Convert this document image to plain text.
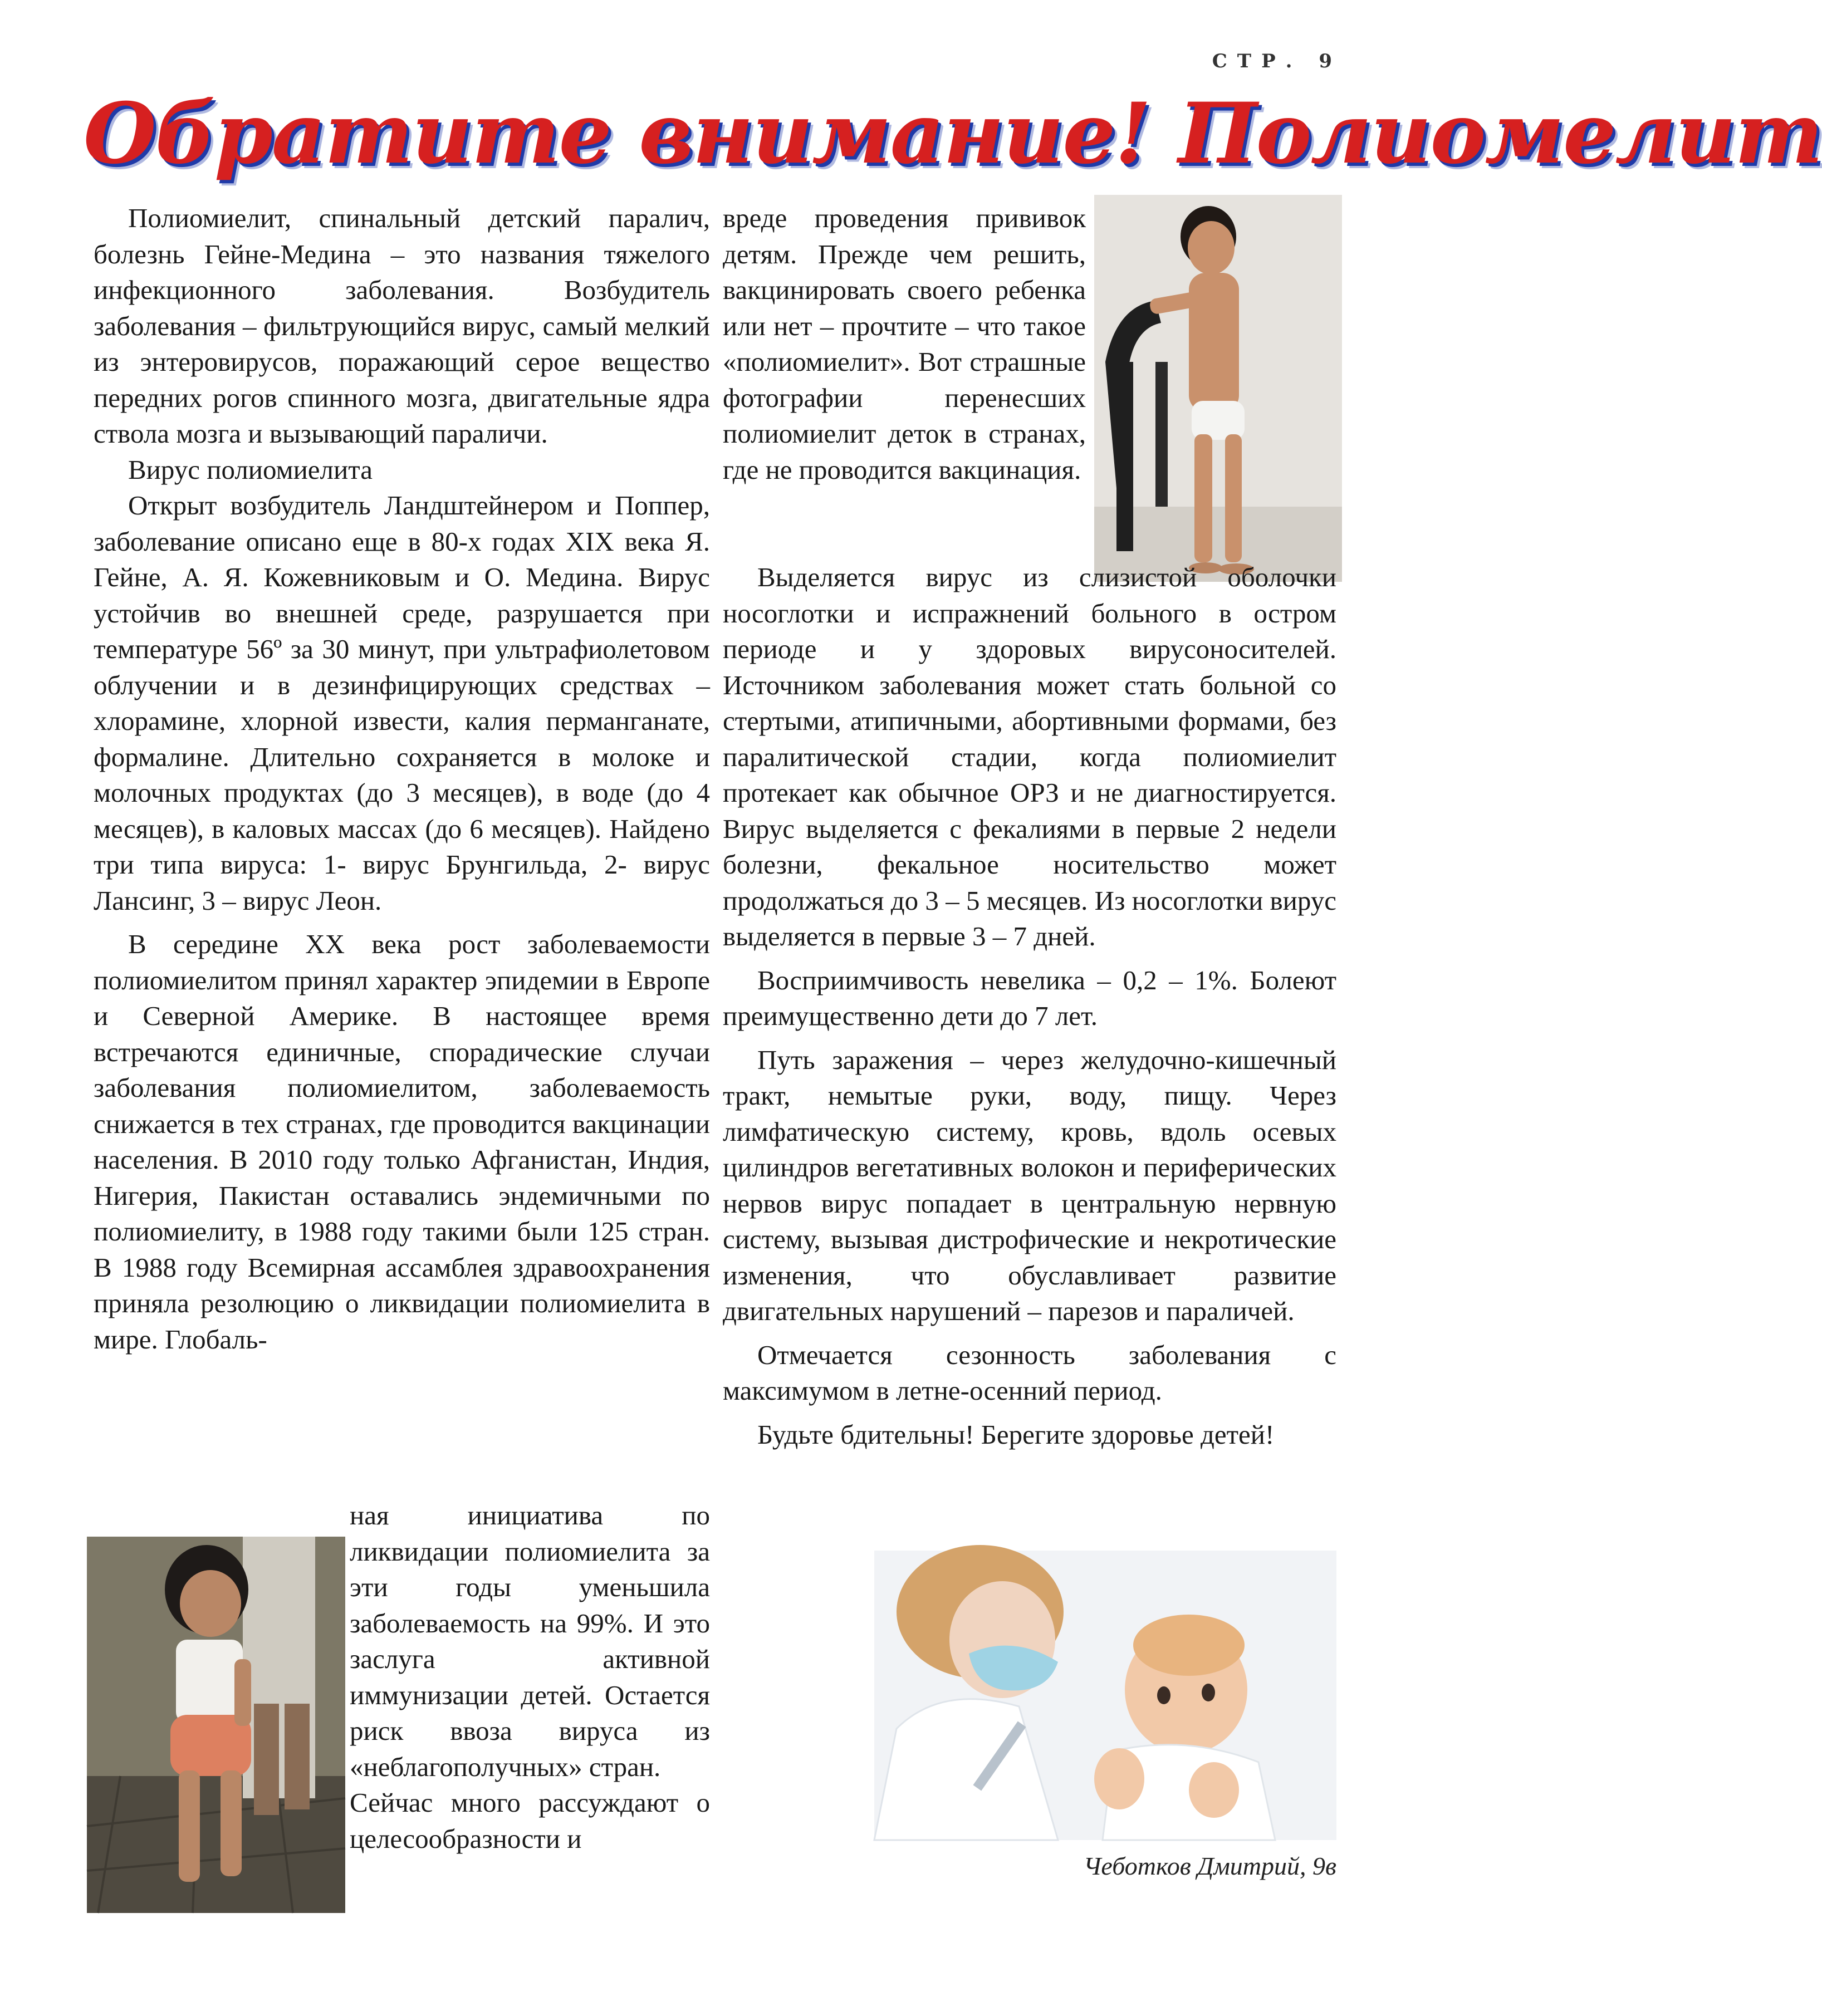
СТР. 9
Обратите внимание! Полиомелит

Полиомиелит, спинальный детский паралич, болезнь Гейне-Медина – это названия тяжелого инфекционного заболевания. Возбудитель заболевания – фильтрующийся вирус, самый мелкий из энтеровирусов, поражающий серое вещество передних рогов спинного мозга, двигательные ядра ствола мозга и вызывающий параличи.

Вирус полиомиелита

Открыт возбудитель Ландштейнером и Поппер, заболевание описано еще в 80-х годах XIX века Я. Гейне, А. Я. Кожевниковым и О. Медина. Вирус устойчив во внешней среде, разрушается при температуре 56º за 30 минут, при ультрафиолетовом облучении и в дезинфицирующих средствах – хлорамине, хлорной извести, калия перманганате, формалине. Длительно сохраняется в молоке и молочных продуктах (до 3 месяцев), в воде (до 4 месяцев), в каловых массах (до 6 месяцев). Найдено три типа вируса: 1- вирус Брунгильда, 2- вирус Лансинг, 3 – вирус Леон.

В середине XX века рост заболеваемости полиомиелитом принял характер эпидемии в Европе и Северной Америке. В настоящее время встречаются единичные, спорадические случаи заболевания полиомиелитом, заболеваемость снижается в тех странах, где проводится вакцинации населения. В 2010 году только Афганистан, Индия, Нигерия, Пакистан оставались эндемичными по полиомиелиту, в 1988 году такими были 125 стран. В 1988 году Всемирная ассамблея здравоохранения приняла резолюцию о ликвидации полиомиелита в мире. Глобаль-

ная инициатива по ликвидации полиомиелита за эти годы уменьшила заболеваемость на 99%. И это заслуга активной иммунизации детей. Остается риск ввоза вируса из «неблагополучных» стран.

Сейчас много рассуждают о целесообразности и

вреде проведения прививок детям. Прежде чем решить, вакцинировать своего ребенка или нет – прочтите – что такое «полиомиелит». Вот страшные фотографии перенесших полиомиелит деток в странах, где не проводится вакцинация.

Выделяется вирус из слизистой оболочки носоглотки и испражнений больного в остром периоде и у здоровых вирусоносителей. Источником заболевания может стать больной со стертыми, атипичными, абортивными формами, без паралитической стадии, когда полиомиелит протекает как обычное ОРЗ и не диагностируется. Вирус выделяется с фекалиями в первые 2 недели болезни, фекальное носительство может продолжаться до 3 – 5 месяцев. Из носоглотки вирус выделяется в первые 3 – 7 дней.

Восприимчивость невелика – 0,2 – 1%. Болеют преимущественно дети до 7 лет.

Путь заражения – через желудочно-кишечный тракт, немытые руки, воду, пищу. Через лимфатическую систему, кровь, вдоль осевых цилиндров вегетативных волокон и периферических нервов вирус попадает в центральную нервную систему, вызывая дистрофические и некротические изменения, что обуславливает развитие двигательных нарушений – парезов и параличей.

Отмечается сезонность заболевания с максимумом в летне-осенний период.

Будьте бдительны! Берегите здоровье детей!

Чеботков Дмитрий, 9в
